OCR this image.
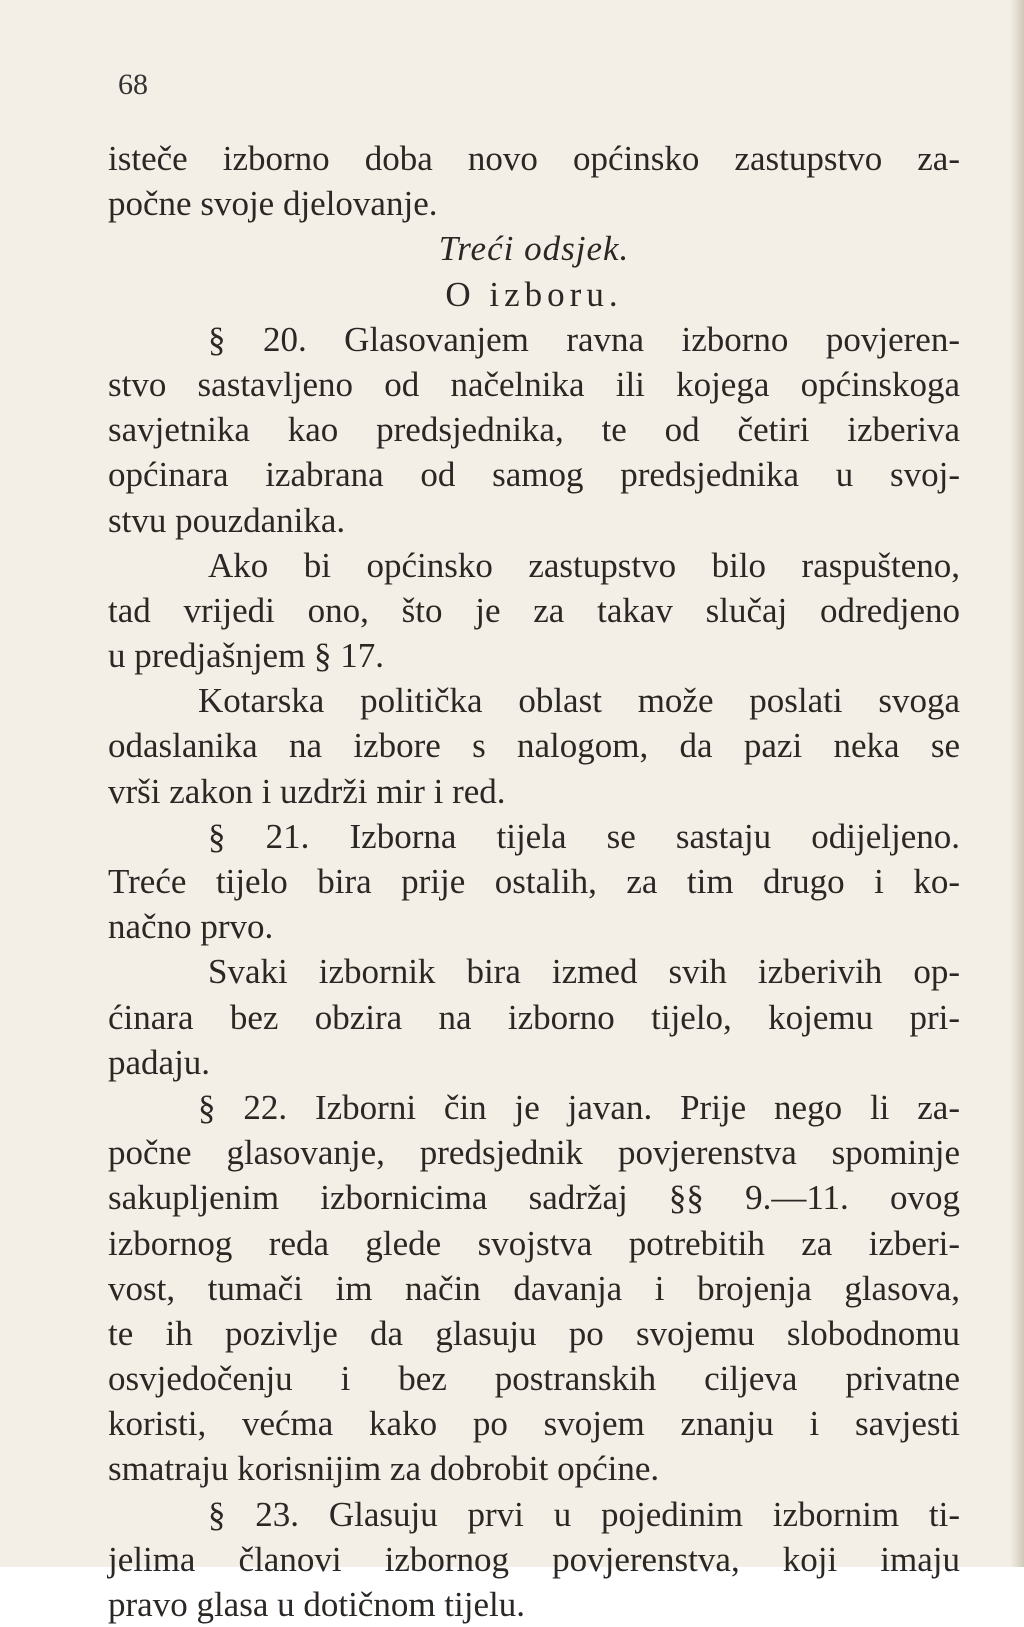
68
isteče izborno doba novo općinsko zastupstvo za-
počne svoje djelovanje.
Treći odsjek.
O izboru.
§ 20. Glasovanjem ravna izborno povjeren-
stvo sastavljeno od načelnika ili kojega općinskoga
savjetnika kao predsjednika, te od četiri izberiva
općinara izabrana od samog predsjednika u svoj-
stvu pouzdanika.
Ako bi općinsko zastupstvo bilo raspušteno,
tad vrijedi ono, što je za takav slučaj odredjeno
u predjašnjem § 17.
Kotarska politička oblast može poslati svoga
odaslanika na izbore s nalogom, da pazi neka se
vrši zakon i uzdrži mir i red.
§ 21. Izborna tijela se sastaju odijeljeno.
Treće tijelo bira prije ostalih, za tim drugo i ko-
načno prvo.
Svaki izbornik bira izmed svih izberivih op-
ćinara bez obzira na izborno tijelo, kojemu pri-
padaju.
§ 22. Izborni čin je javan. Prije nego li za-
počne glasovanje, predsjednik povjerenstva spominje
sakupljenim izbornicima sadržaj §§ 9.—11. ovog
izbornog reda glede svojstva potrebitih za izberi-
vost, tumači im način davanja i brojenja glasova,
te ih pozivlje da glasuju po svojemu slobodnomu
osvjedočenju i bez postranskih ciljeva privatne
koristi, većma kako po svojem znanju i savjesti
smatraju korisnijim za dobrobit općine.
§ 23. Glasuju prvi u pojedinim izbornim ti-
jelima članovi izbornog povjerenstva, koji imaju
pravo glasa u dotičnom tijelu.
